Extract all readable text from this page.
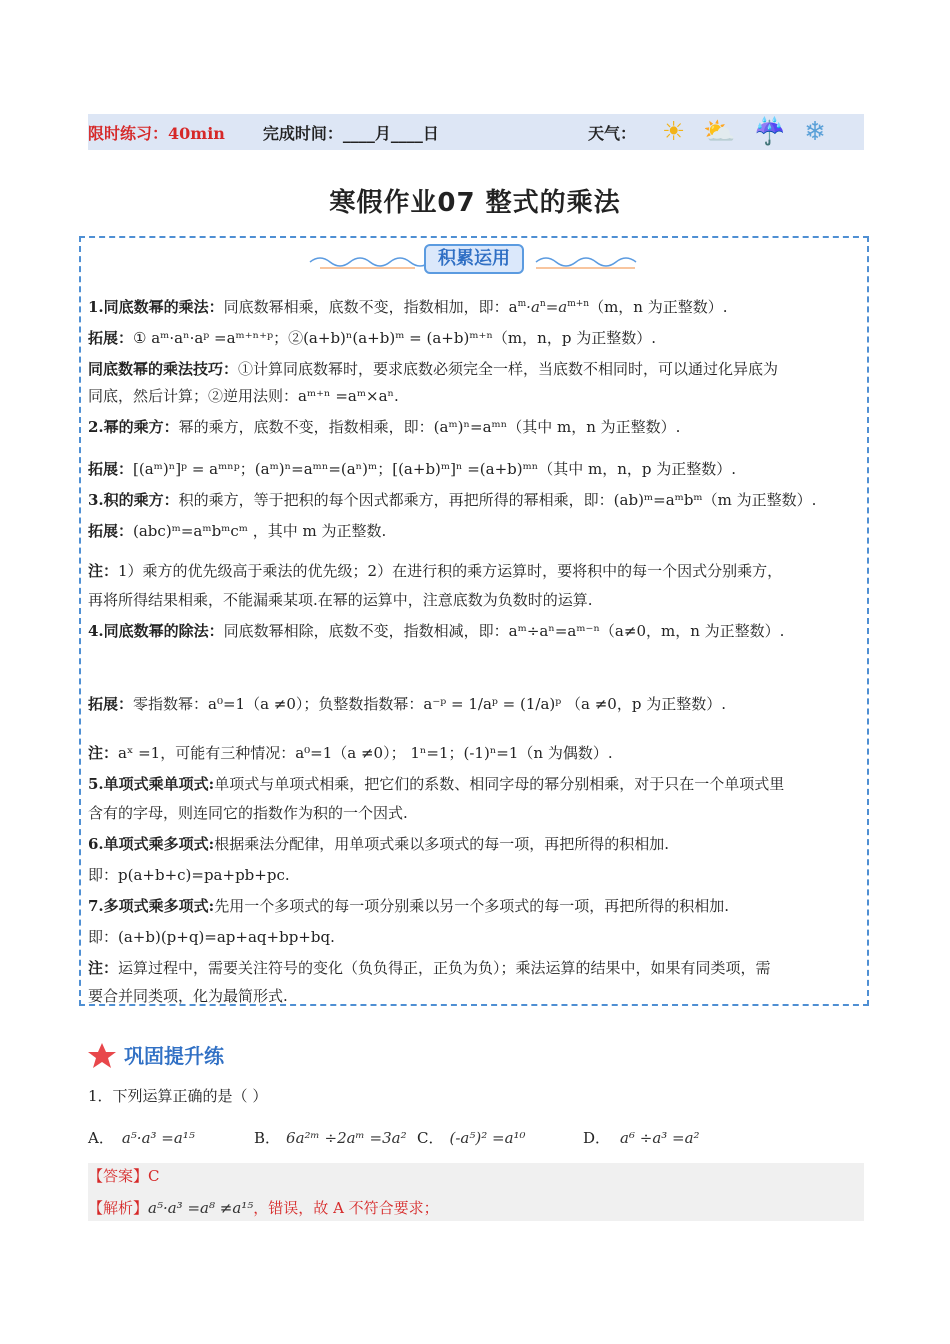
限时练习：40min 完成时间：____月____日	天气： ☀ ⛅ ☔ ❄
寒假作业07 整式的乘法
积累运用
1.同底数幂的乘法：同底数幂相乘，底数不变，指数相加，即：$a^m\cdot a^n=a^{m+n}(m$，n 为正整数）.
拓展：① aᵐ·aⁿ·aᵖ =aᵐ⁺ⁿ⁺ᵖ；②(a+b)ⁿ(a+b)ᵐ = (a+b)ᵐ⁺ⁿ（m，n，p 为正整数）.
同底数幂的乘法技巧：①计算同底数幂时，要求底数必须完全一样，当底数不相同时，可以通过化异底为
同底，然后计算；②逆用法则：aᵐ⁺ⁿ =aᵐ×aⁿ.
2.幂的乘方：幂的乘方，底数不变，指数相乘，即：(aᵐ)ⁿ=aᵐⁿ（其中 m，n 为正整数）.
拓展：[(aᵐ)ⁿ]ᵖ = aᵐⁿᵖ；(aᵐ)ⁿ=aᵐⁿ=(aⁿ)ᵐ；[(a+b)ᵐ]ⁿ =(a+b)ᵐⁿ（其中 m，n，p 为正整数）.
3.积的乘方：积的乘方，等于把积的每个因式都乘方，再把所得的幂相乘，即：(ab)ᵐ=aᵐbᵐ（m 为正整数）.
拓展：(abc)ᵐ=aᵐbᵐcᵐ ，其中 m 为正整数.
注：1）乘方的优先级高于乘法的优先级；2）在进行积的乘方运算时，要将积中的每一个因式分别乘方，
再将所得结果相乘，不能漏乘某项.在幂的运算中，注意底数为负数时的运算.
4.同底数幂的除法：同底数幂相除，底数不变，指数相减，即：aᵐ÷aⁿ=aᵐ⁻ⁿ（a≠0，m，n 为正整数）.
拓展：零指数幂：a⁰=1（a ≠0）；负整数指数幂：a⁻ᵖ = 1/aᵖ = (1/a)ᵖ （a ≠0，p 为正整数）.
注：aˣ =1，可能有三种情况：a⁰=1（a ≠0）； 1ⁿ=1；(-1)ⁿ=1（n 为偶数）.
5.单项式乘单项式:单项式与单项式相乘，把它们的系数、相同字母的幂分别相乘，对于只在一个单项式里
含有的字母，则连同它的指数作为积的一个因式.
6.单项式乘多项式:根据乘法分配律，用单项式乘以多项式的每一项，再把所得的积相加.
即：p(a+b+c)=pa+pb+pc.
7.多项式乘多项式:先用一个多项式的每一项分别乘以另一个多项式的每一项，再把所得的积相加.
即：(a+b)(p+q)=ap+aq+bp+bq.
注：运算过程中，需要关注符号的变化（负负得正，正负为负）；乘法运算的结果中，如果有同类项，需
要合并同类项，化为最简形式.
巩固提升练
1．下列运算正确的是（ ）
A． a⁵·a³ =a¹⁵	B． 6a²ᵐ ÷2aᵐ =3a² C． (-a⁵)² =a¹⁰	D． a⁶ ÷a³ =a²
【答案】C
【解析】a⁵·a³ =a⁸ ≠a¹⁵，错误，故 A 不符合要求；
